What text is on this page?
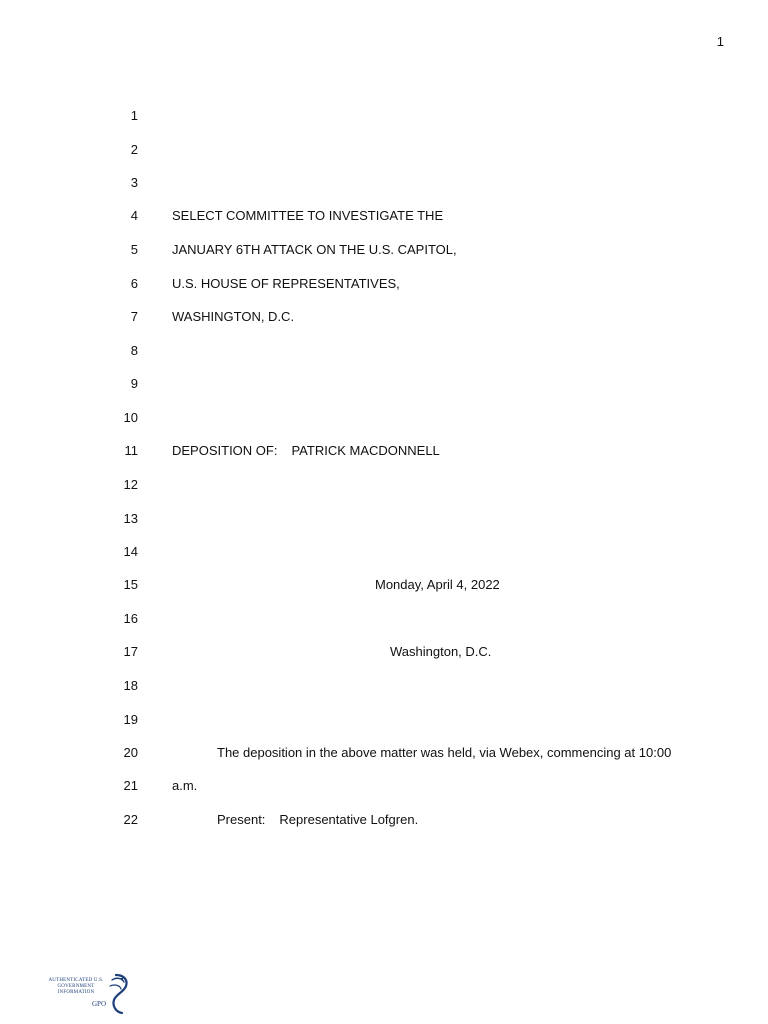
1
1
2
3
4	SELECT COMMITTEE TO INVESTIGATE THE
5	JANUARY 6TH ATTACK ON THE U.S. CAPITOL,
6	U.S. HOUSE OF REPRESENTATIVES,
7	WASHINGTON, D.C.
8
9
10
11	DEPOSITION OF: PATRICK MACDONNELL
12
13
14
15	Monday, April 4, 2022
16
17	Washington, D.C.
18
19
20	The deposition in the above matter was held, via Webex, commencing at 10:00
21	a.m.
22	Present: Representative Lofgren.
AUTHENTICATED U.S. GOVERNMENT INFORMATION
GPO
